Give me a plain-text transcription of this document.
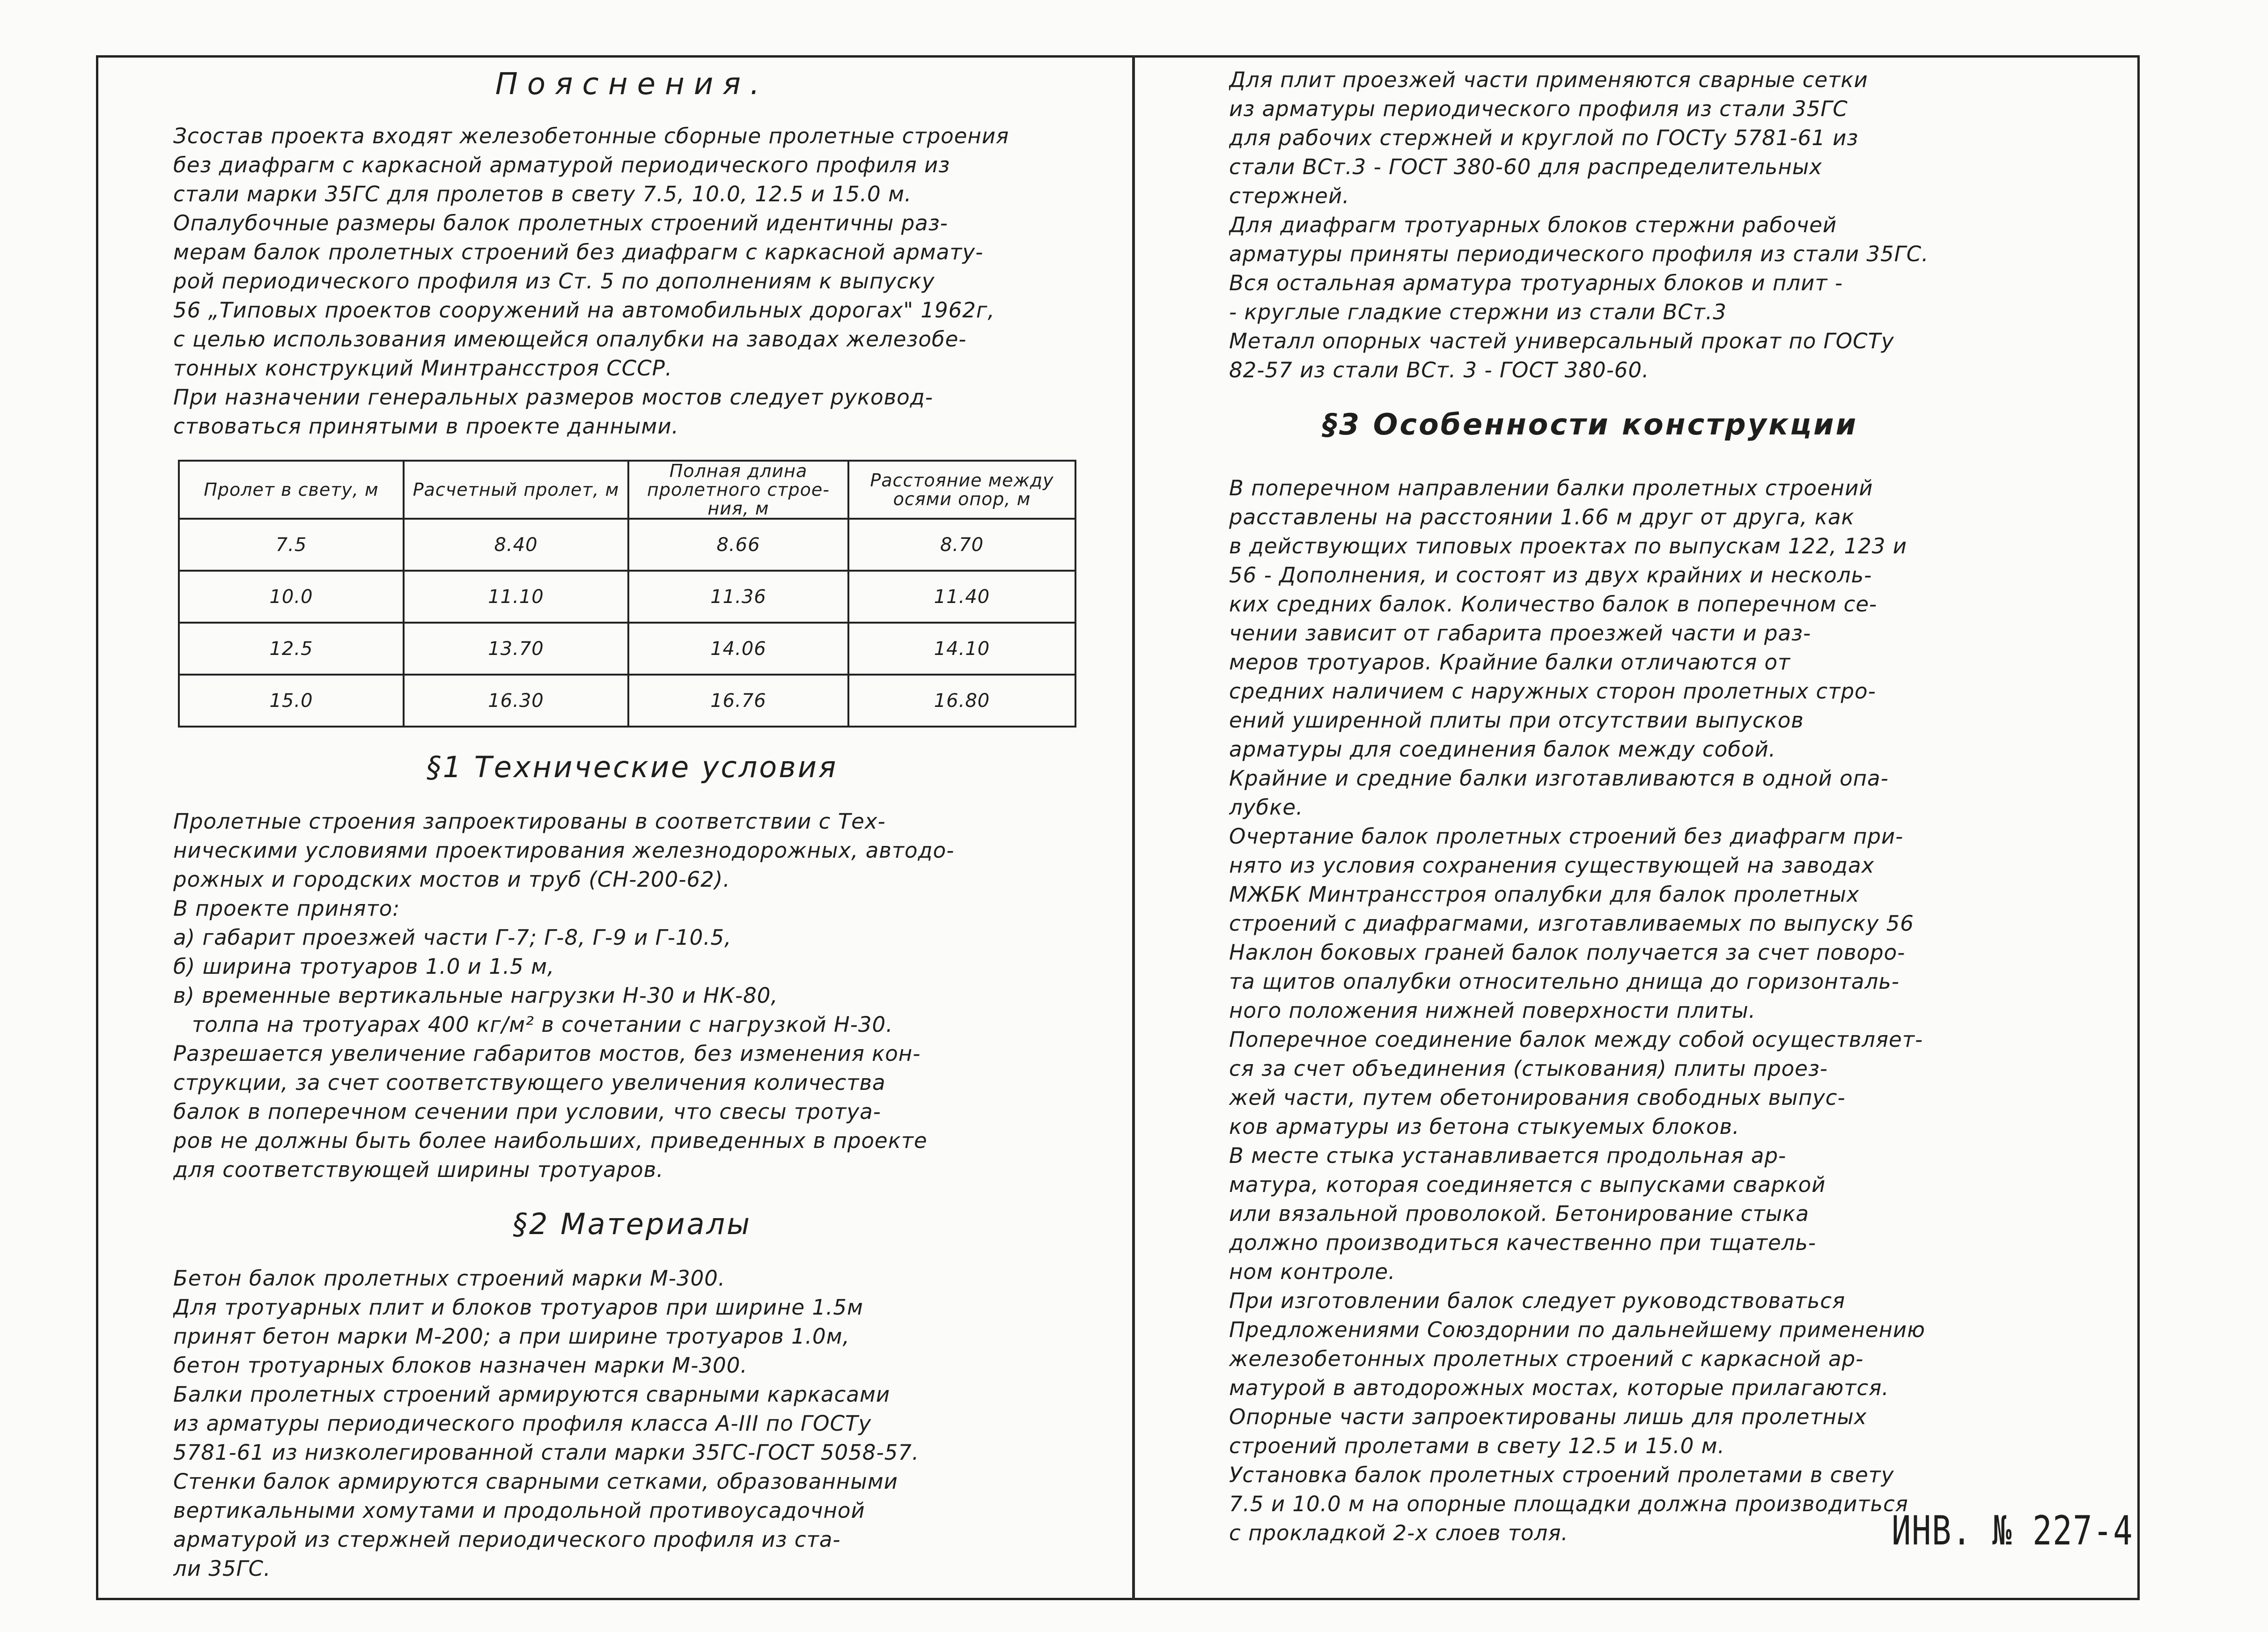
Пояснения.
Зсостав проекта входят железобетонные сборные пролетные строения
без диафрагм с каркасной арматурой периодического профиля из
стали марки 35ГС для пролетов в свету 7.5, 10.0, 12.5 и 15.0 м.
Опалубочные размеры балок пролетных строений идентичны раз-
мерам балок пролетных строений без диафрагм с каркасной армату-
рой периодического профиля из Ст. 5 по дополнениям к выпуску
56 „Типовых проектов сооружений на автомобильных дорогах" 1962г,
с целью использования имеющейся опалубки на заводах железобе-
тонных конструкций Минтрансстроя СССР.
При назначении генеральных размеров мостов следует руковод-
ствоваться принятыми в проекте данными.
Пролет в свету, м	Расчетный пролет, м	Полная длина пролетного строе-ния, м	Расстояние между осями опор, м
7.5	8.40	8.66	8.70
10.0	11.10	11.36	11.40
12.5	13.70	14.06	14.10
15.0	16.30	16.76	16.80
§1 Технические условия
Пролетные строения запроектированы в соответствии с Тех-
ническими условиями проектирования железнодорожных, автодо-
рожных и городских мостов и труб (СН-200-62).
В проекте принято:
а) габарит проезжей части Г-7; Г-8, Г-9 и Г-10.5,
б) ширина тротуаров 1.0 и 1.5 м,
в) временные вертикальные нагрузки Н-30 и НК-80,
толпа на тротуарах 400 кг/м² в сочетании с нагрузкой Н-30.
Разрешается увеличение габаритов мостов, без изменения кон-
струкции, за счет соответствующего увеличения количества
балок в поперечном сечении при условии, что свесы тротуа-
ров не должны быть более наибольших, приведенных в проекте
для соответствующей ширины тротуаров.
§2 Материалы
Бетон балок пролетных строений марки М-300.
Для тротуарных плит и блоков тротуаров при ширине 1.5м
принят бетон марки М-200; а при ширине тротуаров 1.0м,
бетон тротуарных блоков назначен марки М-300.
Балки пролетных строений армируются сварными каркасами
из арматуры периодического профиля класса А-III по ГОСТу
5781-61 из низколегированной стали марки 35ГС-ГОСТ 5058-57.
Стенки балок армируются сварными сетками, образованными
вертикальными хомутами и продольной противоусадочной
арматурой из стержней периодического профиля из ста-
ли 35ГС.
Для плит проезжей части применяются сварные сетки
из арматуры периодического профиля из стали 35ГС
для рабочих стержней и круглой по ГОСТу 5781-61 из
стали ВСт.3 - ГОСТ 380-60 для распределительных
стержней.
Для диафрагм тротуарных блоков стержни рабочей
арматуры приняты периодического профиля из стали 35ГС.
Вся остальная арматура тротуарных блоков и плит -
- круглые гладкие стержни из стали ВСт.3
Металл опорных частей универсальный прокат по ГОСТу
82-57 из стали ВСт. 3 - ГОСТ 380-60.
§3 Особенности конструкции
В поперечном направлении балки пролетных строений
расставлены на расстоянии 1.66 м друг от друга, как
в действующих типовых проектах по выпускам 122, 123 и
56 - Дополнения, и состоят из двух крайних и несколь-
ких средних балок. Количество балок в поперечном се-
чении зависит от габарита проезжей части и раз-
меров тротуаров. Крайние балки отличаются от
средних наличием с наружных сторон пролетных стро-
ений уширенной плиты при отсутствии выпусков
арматуры для соединения балок между собой.
Крайние и средние балки изготавливаются в одной опа-
лубке.
Очертание балок пролетных строений без диафрагм при-
нято из условия сохранения существующей на заводах
МЖБК Минтрансстроя опалубки для балок пролетных
строений с диафрагмами, изготавливаемых по выпуску 56
Наклон боковых граней балок получается за счет поворо-
та щитов опалубки относительно днища до горизонталь-
ного положения нижней поверхности плиты.
Поперечное соединение балок между собой осуществляет-
ся за счет объединения (стыкования) плиты проез-
жей части, путем обетонирования свободных выпус-
ков арматуры из бетона стыкуемых блоков.
В месте стыка устанавливается продольная ар-
матура, которая соединяется с выпусками сваркой
или вязальной проволокой. Бетонирование стыка
должно производиться качественно при тщатель-
ном контроле.
При изготовлении балок следует руководствоваться
Предложениями Союздорнии по дальнейшему применению
железобетонных пролетных строений с каркасной ар-
матурой в автодорожных мостах, которые прилагаются.
Опорные части запроектированы лишь для пролетных
строений пролетами в свету 12.5 и 15.0 м.
Установка балок пролетных строений пролетами в свету
7.5 и 10.0 м на опорные площадки должна производиться
с прокладкой 2-х слоев толя.	ИНВ. № 227-4
